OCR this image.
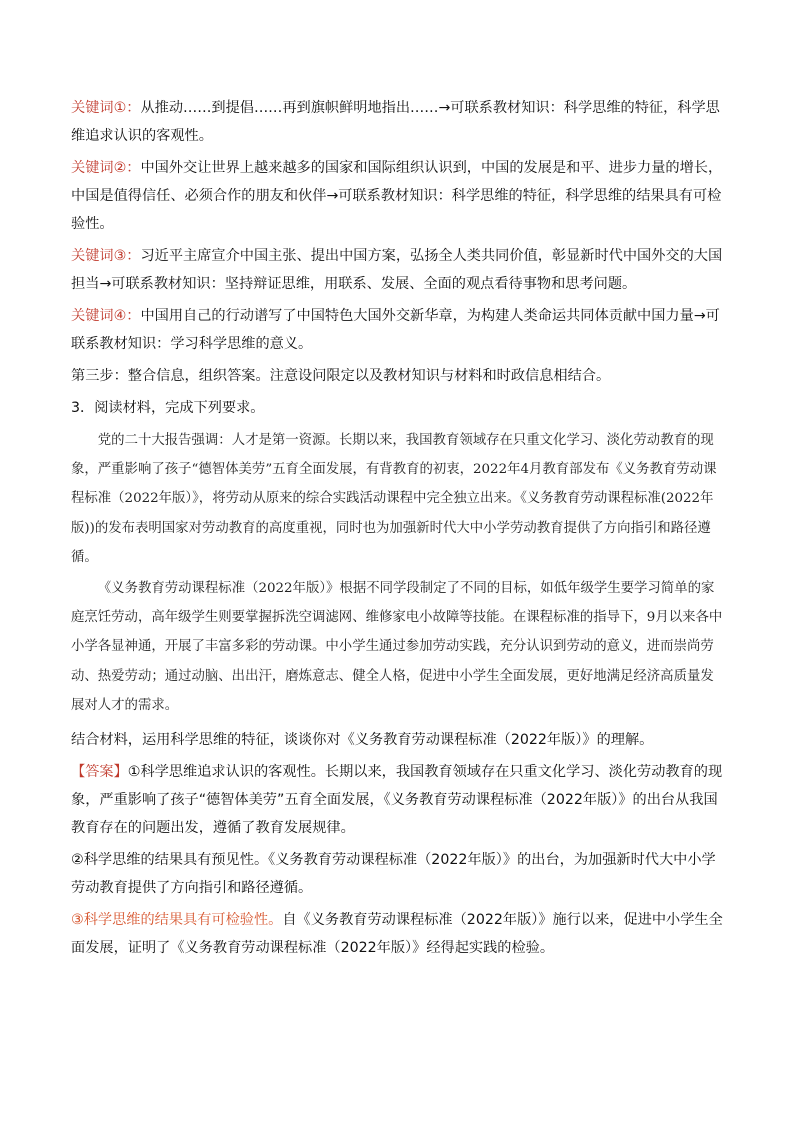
关键词①：从推动……到提倡……再到旗帜鲜明地指出……→可联系教材知识：科学思维的特征，科学思维追求认识的客观性。

关键词②：中国外交让世界上越来越多的国家和国际组织认识到，中国的发展是和平、进步力量的增长，中国是值得信任、必须合作的朋友和伙伴→可联系教材知识：科学思维的特征，科学思维的结果具有可检验性。

关键词③：习近平主席宣介中国主张、提出中国方案，弘扬全人类共同价值，彰显新时代中国外交的大国担当→可联系教材知识：坚持辩证思维，用联系、发展、全面的观点看待事物和思考问题。

关键词④：中国用自己的行动谱写了中国特色大国外交新华章，为构建人类命运共同体贡献中国力量→可联系教材知识：学习科学思维的意义。

第三步：整合信息，组织答案。注意设问限定以及教材知识与材料和时政信息相结合。

3．阅读材料，完成下列要求。

党的二十大报告强调：人才是第一资源。长期以来，我国教育领域存在只重文化学习、淡化劳动教育的现象，严重影响了孩子“德智体美劳”五育全面发展，有背教育的初衷，2022年4月教育部发布《义务教育劳动课程标准（2022年版）》，将劳动从原来的综合实践活动课程中完全独立出来。《义务教育劳动课程标准(2022年版))的发布表明国家对劳动教育的高度重视，同时也为加强新时代大中小学劳动教育提供了方向指引和路径遵循。

《义务教育劳动课程标准（2022年版）》根据不同学段制定了不同的目标，如低年级学生要学习简单的家庭烹饪劳动，高年级学生则要掌握拆洗空调滤网、维修家电小故障等技能。在课程标准的指导下，9月以来各中小学各显神通，开展了丰富多彩的劳动课。中小学生通过参加劳动实践，充分认识到劳动的意义，进而崇尚劳动、热爱劳动；通过动脑、出出汗，磨炼意志、健全人格，促进中小学生全面发展，更好地满足经济高质量发展对人才的需求。

结合材料，运用科学思维的特征，谈谈你对《义务教育劳动课程标准（2022年版）》的理解。

【答案】①科学思维追求认识的客观性。长期以来，我国教育领域存在只重文化学习、淡化劳动教育的现象，严重影响了孩子“德智体美劳”五育全面发展，《义务教育劳动课程标准（2022年版）》的出台从我国教育存在的问题出发，遵循了教育发展规律。

②科学思维的结果具有预见性。《义务教育劳动课程标准（2022年版）》的出台，为加强新时代大中小学劳动教育提供了方向指引和路径遵循。

③科学思维的结果具有可检验性。自《义务教育劳动课程标准（2022年版）》施行以来，促进中小学生全面发展，证明了《义务教育劳动课程标准（2022年版）》经得起实践的检验。
